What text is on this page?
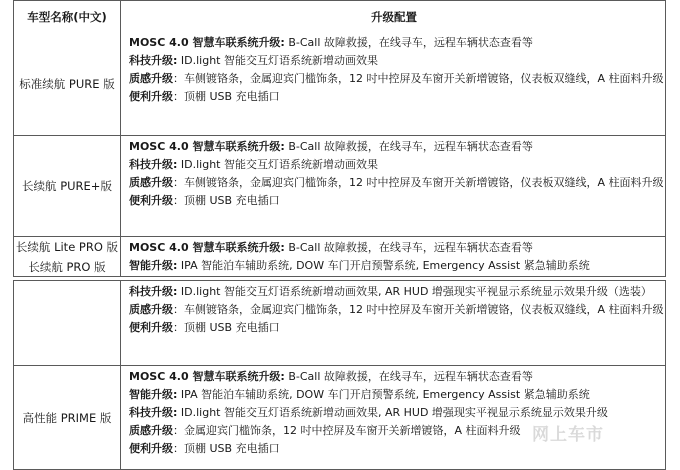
车型名称(中文)	升级配置
标准续航 PURE 版
MOSC 4.0 智慧车联系统升级: B-Call 故障救援，在线寻车，远程车辆状态查看等
科技升级: ID.light 智能交互灯语系统新增动画效果
质感升级：车侧镀铬条，金属迎宾门槛饰条，12 吋中控屏及车窗开关新增镀铬，仪表板双缝线，A 柱面料升级
便利升级：顶棚 USB 充电插口
长续航 PURE+版
MOSC 4.0 智慧车联系统升级: B-Call 故障救援，在线寻车，远程车辆状态查看等
科技升级: ID.light 智能交互灯语系统新增动画效果
质感升级：车侧镀铬条，金属迎宾门槛饰条，12 吋中控屏及车窗开关新增镀铬，仪表板双缝线，A 柱面料升级
便利升级：顶棚 USB 充电插口
长续航 Lite PRO 版
长续航 PRO 版
MOSC 4.0 智慧车联系统升级: B-Call 故障救援，在线寻车，远程车辆状态查看等
智能升级: IPA 智能泊车辅助系统, DOW 车门开启预警系统, Emergency Assist 紧急辅助系统
科技升级: ID.light 智能交互灯语系统新增动画效果, AR HUD 增强现实平视显示系统显示效果升级（选装）
质感升级：车侧镀铬条，金属迎宾门槛饰条，12 吋中控屏及车窗开关新增镀铬，仪表板双缝线，A 柱面料升级
便利升级：顶棚 USB 充电插口
高性能 PRIME 版
MOSC 4.0 智慧车联系统升级: B-Call 故障救援，在线寻车，远程车辆状态查看等
智能升级: IPA 智能泊车辅助系统, DOW 车门开启预警系统, Emergency Assist 紧急辅助系统
科技升级: ID.light 智能交互灯语系统新增动画效果, AR HUD 增强现实平视显示系统显示效果升级
质感升级：金属迎宾门槛饰条，12 吋中控屏及车窗开关新增镀铬，A 柱面料升级
便利升级：顶棚 USB 充电插口
网上车市
